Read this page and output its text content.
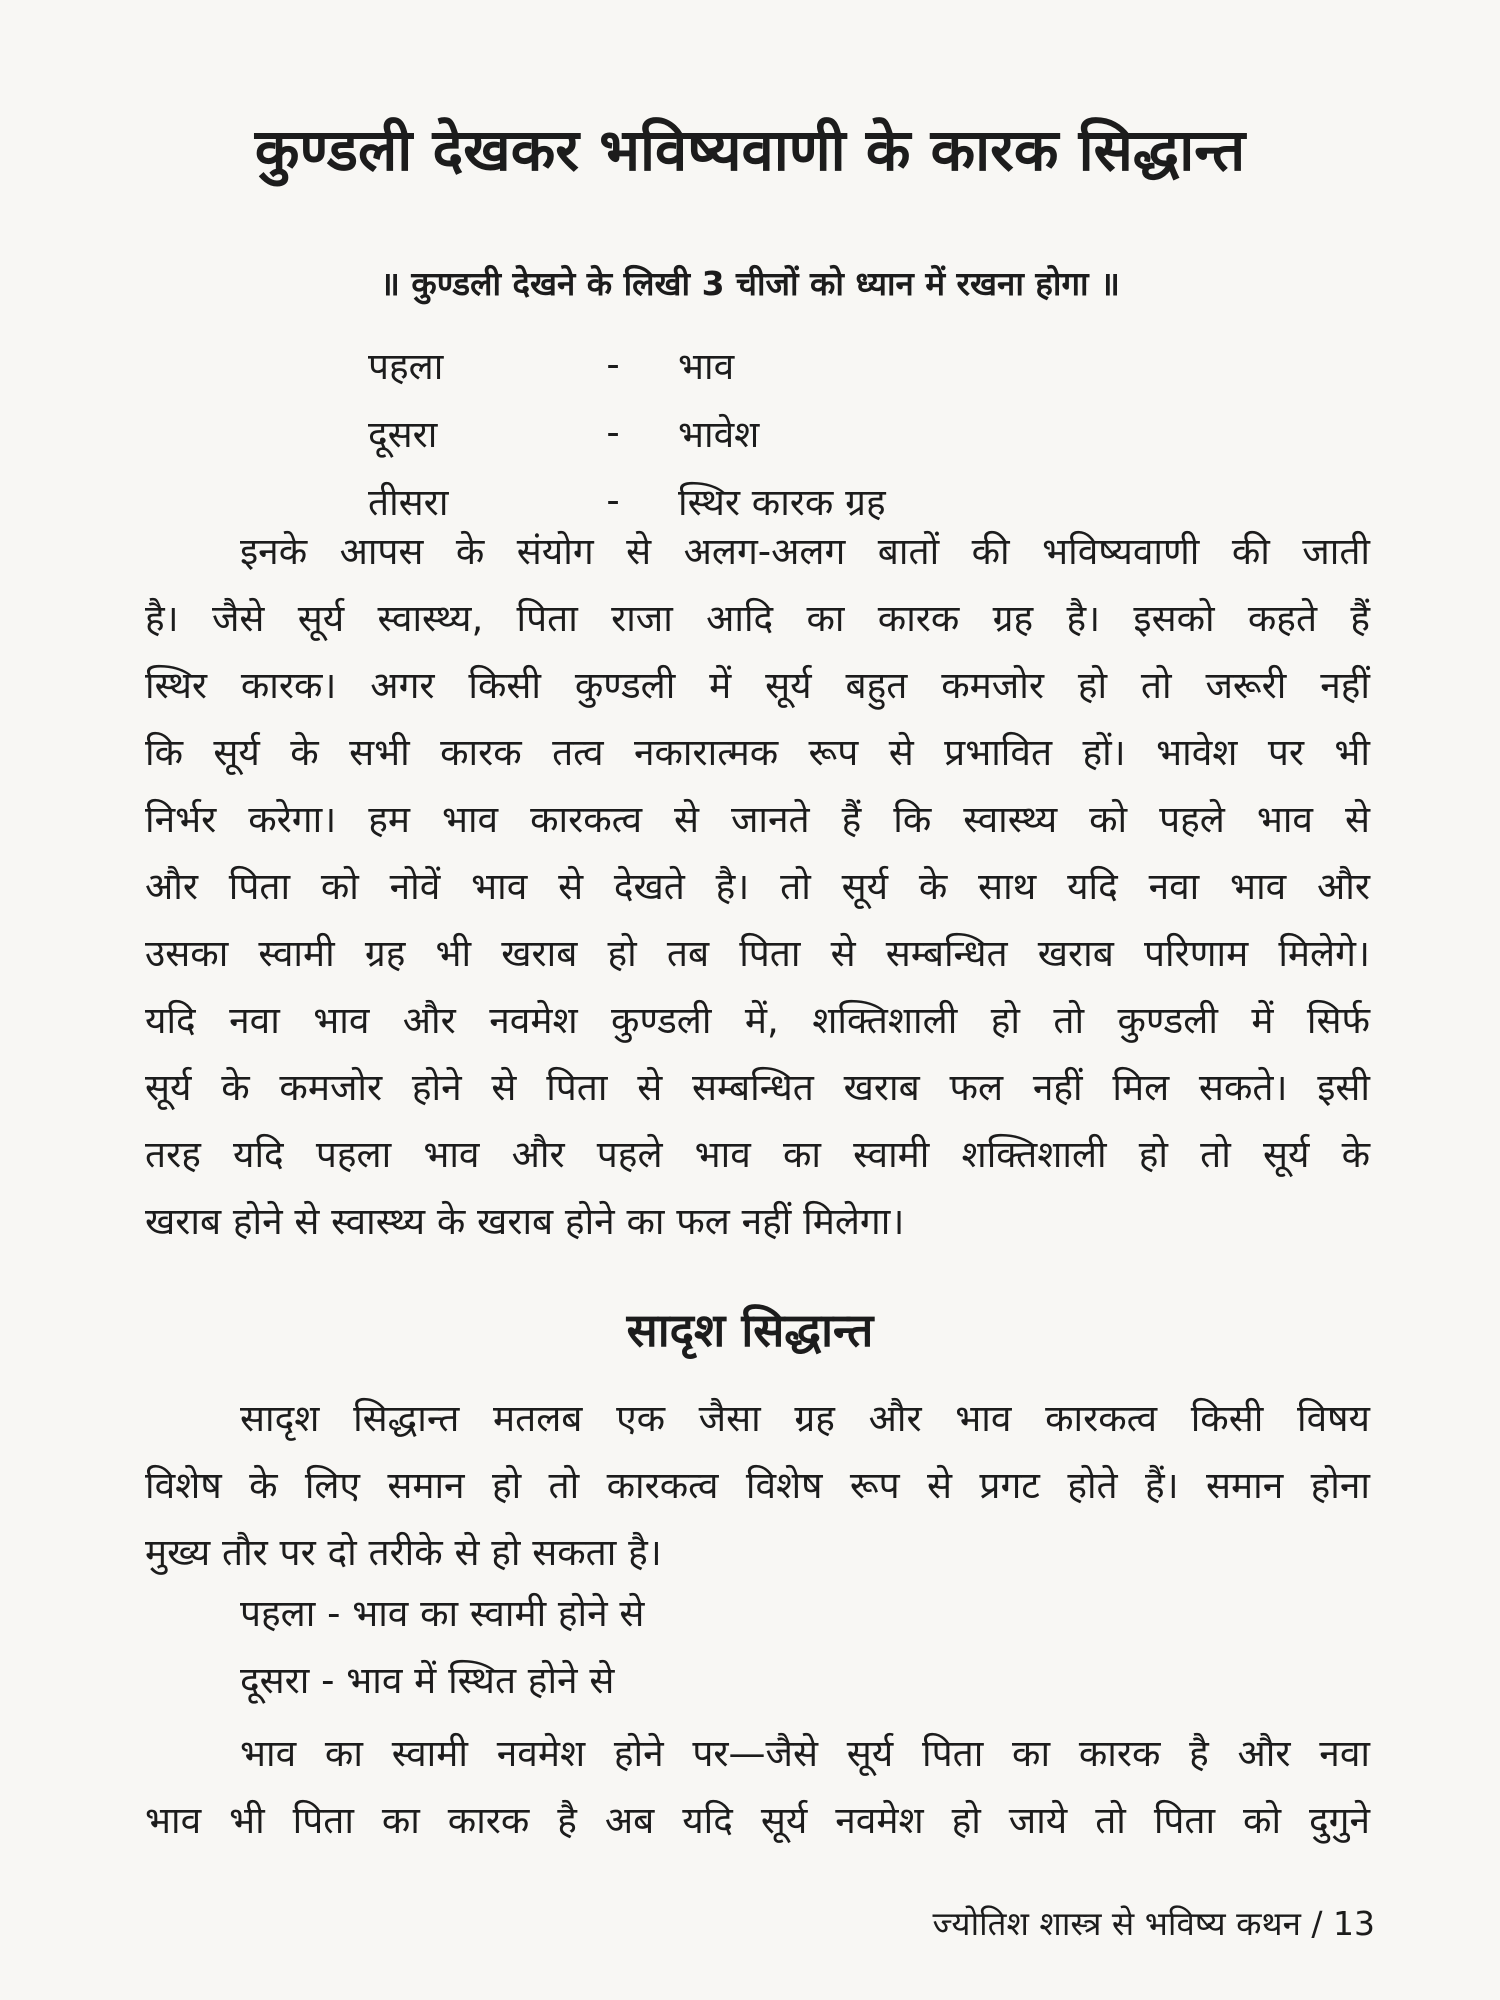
कुण्डली देखकर भविष्यवाणी के कारक सिद्धान्त

॥ कुण्डली देखने के लिखी 3 चीजों को ध्यान में रखना होगा ॥

पहला	-	भाव
दूसरा	-	भावेश
तीसरा	-	स्थिर कारक ग्रह
इनके आपस के संयोग से अलग-अलग बातों की भविष्यवाणी की जाती
है। जैसे सूर्य स्वास्थ्य, पिता राजा आदि का कारक ग्रह है। इसको कहते हैं
स्थिर कारक। अगर किसी कुण्डली में सूर्य बहुत कमजोर हो तो जरूरी नहीं
कि सूर्य के सभी कारक तत्व नकारात्मक रूप से प्रभावित हों। भावेश पर भी
निर्भर करेगा। हम भाव कारकत्व से जानते हैं कि स्वास्थ्य को पहले भाव से
और पिता को नोवें भाव से देखते है। तो सूर्य के साथ यदि नवा भाव और
उसका स्वामी ग्रह भी खराब हो तब पिता से सम्बन्धित खराब परिणाम मिलेगे।
यदि नवा भाव और नवमेश कुण्डली में, शक्तिशाली हो तो कुण्डली में सिर्फ
सूर्य के कमजोर होने से पिता से सम्बन्धित खराब फल नहीं मिल सकते। इसी
तरह यदि पहला भाव और पहले भाव का स्वामी शक्तिशाली हो तो सूर्य के
खराब होने से स्वास्थ्य के खराब होने का फल नहीं मिलेगा।
सादृश सिद्धान्त
सादृश सिद्धान्त मतलब एक जैसा ग्रह और भाव कारकत्व किसी विषय
विशेष के लिए समान हो तो कारकत्व विशेष रूप से प्रगट होते हैं। समान होना
मुख्य तौर पर दो तरीके से हो सकता है।
पहला - भाव का स्वामी होने से
दूसरा - भाव में स्थित होने से
भाव का स्वामी नवमेश होने पर—जैसे सूर्य पिता का कारक है और नवा
भाव भी पिता का कारक है अब यदि सूर्य नवमेश हो जाये तो पिता को दुगुने
ज्योतिश शास्त्र से भविष्य कथन / 13
